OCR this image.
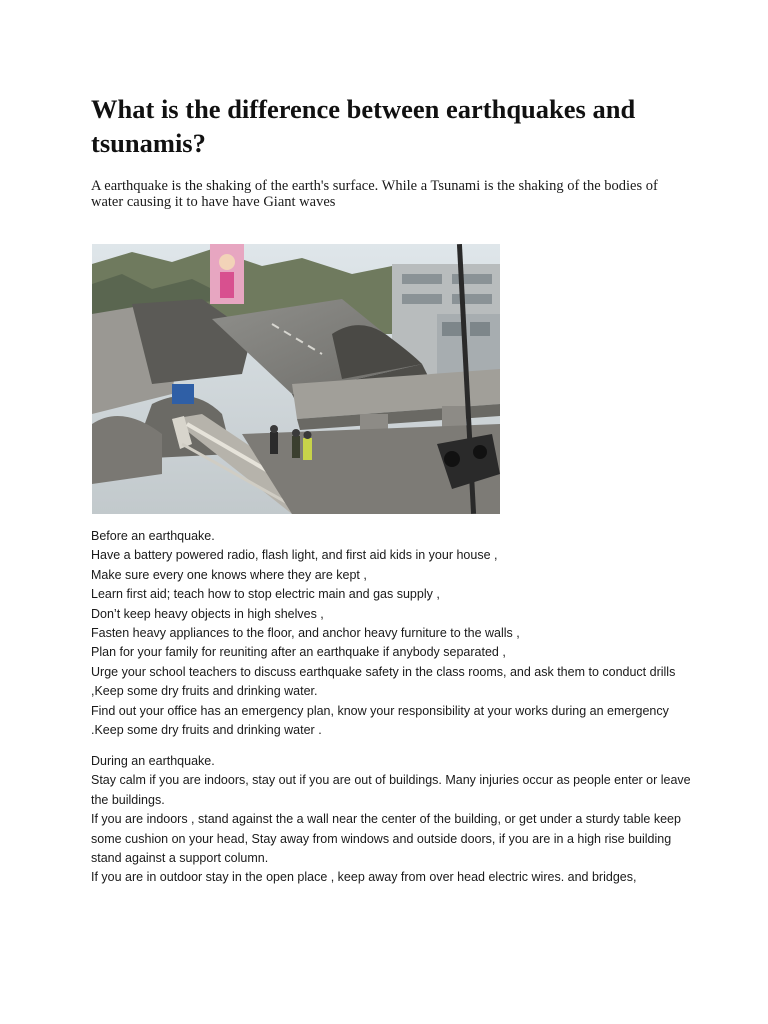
What is the difference between earthquakes and tsunamis?

A earthquake is the shaking of the earth's surface. While a Tsunami is the shaking of the bodies of water causing it to have have Giant waves

Before an earthquake.

Have a battery powered radio, flash light, and first aid kids in your house ,

Make sure every one knows where they are kept ,

Learn first aid; teach how to stop electric main and gas supply ,

Don’t keep heavy objects in high shelves ,

Fasten heavy appliances to the floor, and anchor heavy furniture to the walls ,

Plan for your family for reuniting after an earthquake if anybody separated ,

Urge your school teachers to discuss earthquake safety in the class rooms, and ask them to conduct drills ,Keep some dry fruits and drinking water.

Find out your office has an emergency plan, know your responsibility at your works during an emergency .Keep some dry fruits and drinking water .

During an earthquake.

Stay calm if you are indoors, stay out if you are out of buildings. Many injuries occur as people enter or leave the buildings.

If you are indoors , stand against the a wall near the center of the building, or get under a sturdy table keep some cushion on your head, Stay away from windows and outside doors, if you are in a high rise building stand against a support column.

If you are in outdoor stay in the open place , keep away from over head electric wires. and bridges,
